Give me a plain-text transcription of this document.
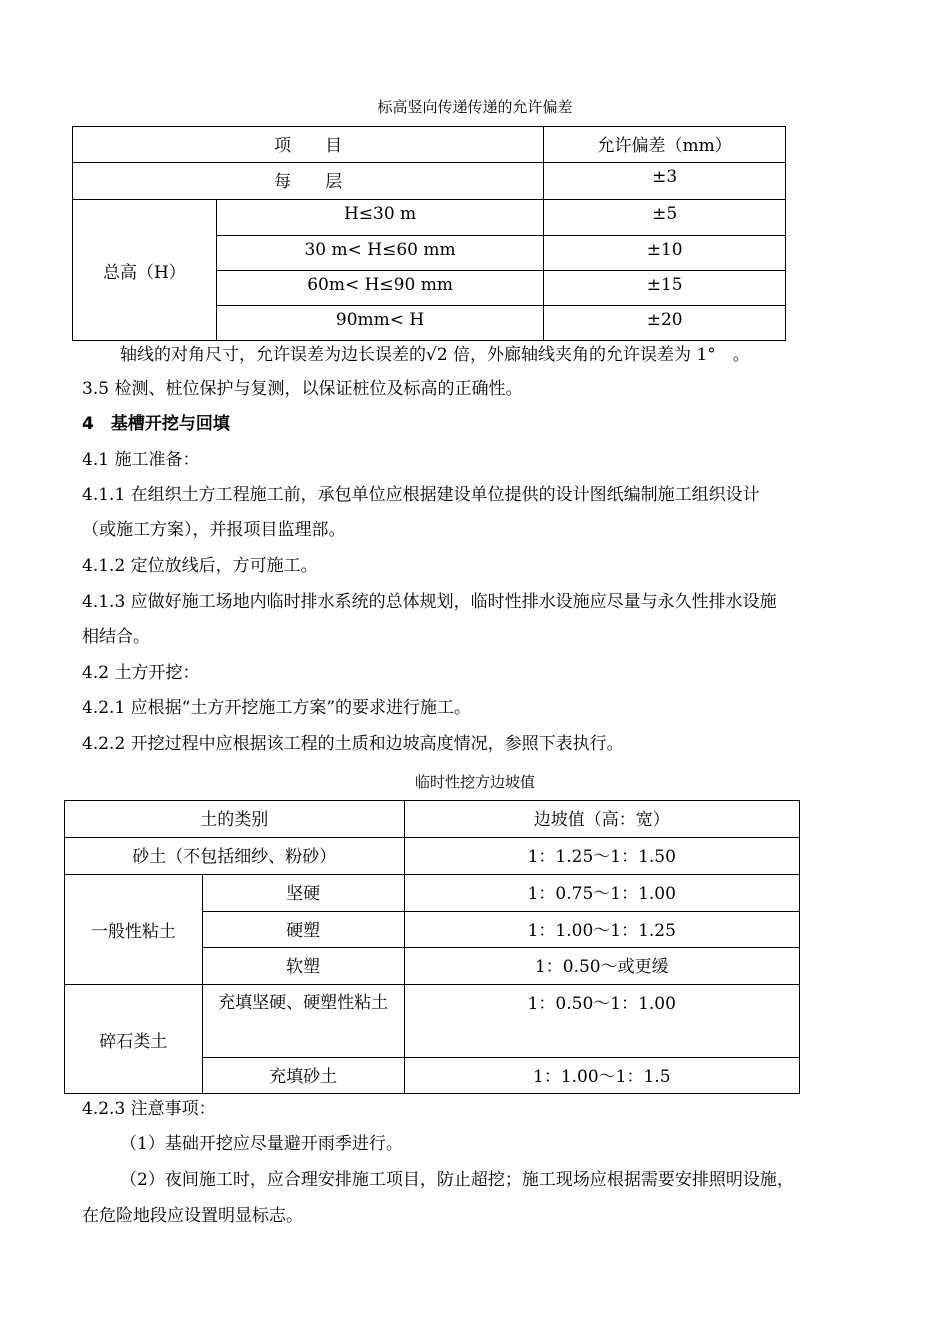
标高竖向传递传递的允许偏差
项　　目		允许偏差（mm）
每　　层		±3
总高（H）	H≤30 m	±5
	30 m< H≤60 mm	±10
	60m< H≤90 mm	±15
	90mm< H	±20
轴线的对角尺寸，允许误差为边长误差的√2 倍，外廊轴线夹角的允许误差为 1°　。
3.5 检测、桩位保护与复测，以保证桩位及标高的正确性。
4　基槽开挖与回填
4.1 施工准备：
4.1.1 在组织土方工程施工前，承包单位应根据建设单位提供的设计图纸编制施工组织设计
（或施工方案），并报项目监理部。
4.1.2 定位放线后，方可施工。
4.1.3 应做好施工场地内临时排水系统的总体规划，临时性排水设施应尽量与永久性排水设施
相结合。
4.2 土方开挖：
4.2.1 应根据“土方开挖施工方案”的要求进行施工。
4.2.2 开挖过程中应根据该工程的土质和边坡高度情况，参照下表执行。
临时性挖方边坡值
土的类别		边坡值（高：宽）
砂土（不包括细纱、粉砂）		1：1.25～1：1.50
一般性粘土	坚硬	1：0.75～1：1.00
	硬塑	1：1.00～1：1.25
	软塑	1：0.50～或更缓
碎石类土	充填坚硬、硬塑性粘土	1：0.50～1：1.00
	充填砂土	1：1.00～1：1.5
4.2.3 注意事项：
（1）基础开挖应尽量避开雨季进行。
（2）夜间施工时，应合理安排施工项目，防止超挖；施工现场应根据需要安排照明设施，
在危险地段应设置明显标志。
